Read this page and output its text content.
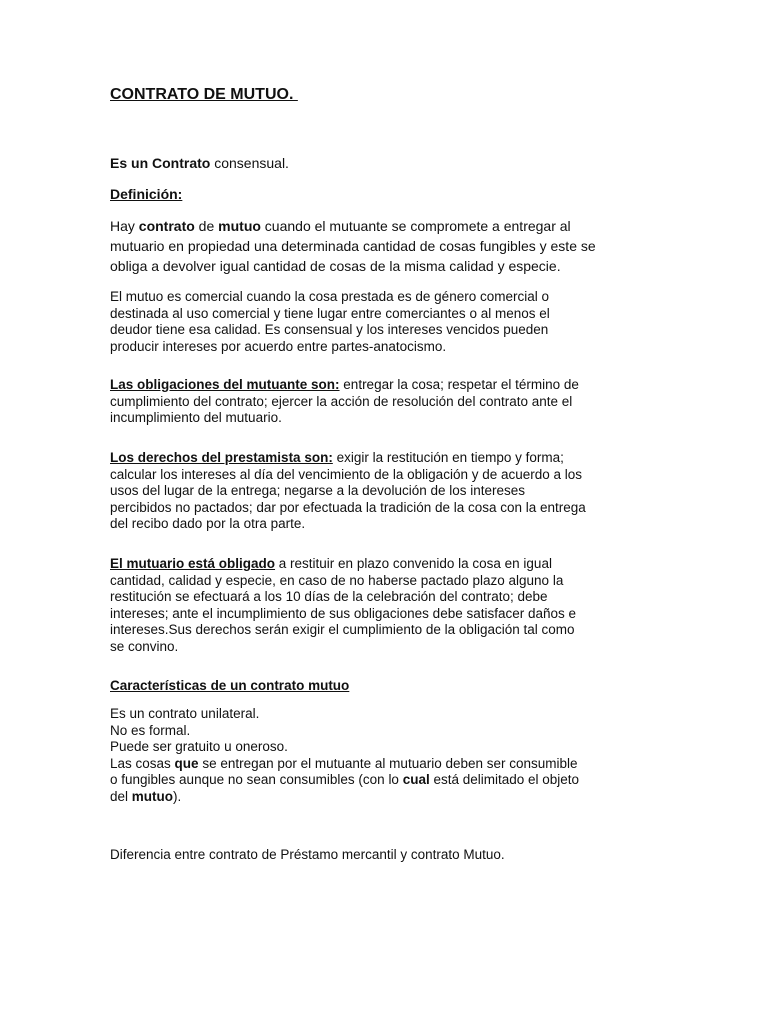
CONTRATO DE MUTUO.

Es un Contrato consensual.

Definición:

Hay contrato de mutuo cuando el mutuante se compromete a entregar al
mutuario en propiedad una determinada cantidad de cosas fungibles y este se
obliga a devolver igual cantidad de cosas de la misma calidad y especie.

El mutuo es comercial cuando la cosa prestada es de género comercial o
destinada al uso comercial y tiene lugar entre comerciantes o al menos el
deudor tiene esa calidad. Es consensual y los intereses vencidos pueden
producir intereses por acuerdo entre partes-anatocismo.

Las obligaciones del mutuante son: entregar la cosa; respetar el término de
cumplimiento del contrato; ejercer la acción de resolución del contrato ante el
incumplimiento del mutuario.

Los derechos del prestamista son: exigir la restitución en tiempo y forma;
calcular los intereses al día del vencimiento de la obligación y de acuerdo a los
usos del lugar de la entrega; negarse a la devolución de los intereses
percibidos no pactados; dar por efectuada la tradición de la cosa con la entrega
del recibo dado por la otra parte.

El mutuario está obligado a restituir en plazo convenido la cosa en igual
cantidad, calidad y especie, en caso de no haberse pactado plazo alguno la
restitución se efectuará a los 10 días de la celebración del contrato; debe
intereses; ante el incumplimiento de sus obligaciones debe satisfacer daños e
intereses.Sus derechos serán exigir el cumplimiento de la obligación tal como
se convino.

Características de un contrato mutuo

Es un contrato unilateral.
No es formal.
Puede ser gratuito u oneroso.
Las cosas que se entregan por el mutuante al mutuario deben ser consumible
o fungibles aunque no sean consumibles (con lo cual está delimitado el objeto
del mutuo).

Diferencia entre contrato de Préstamo mercantil y contrato Mutuo.
